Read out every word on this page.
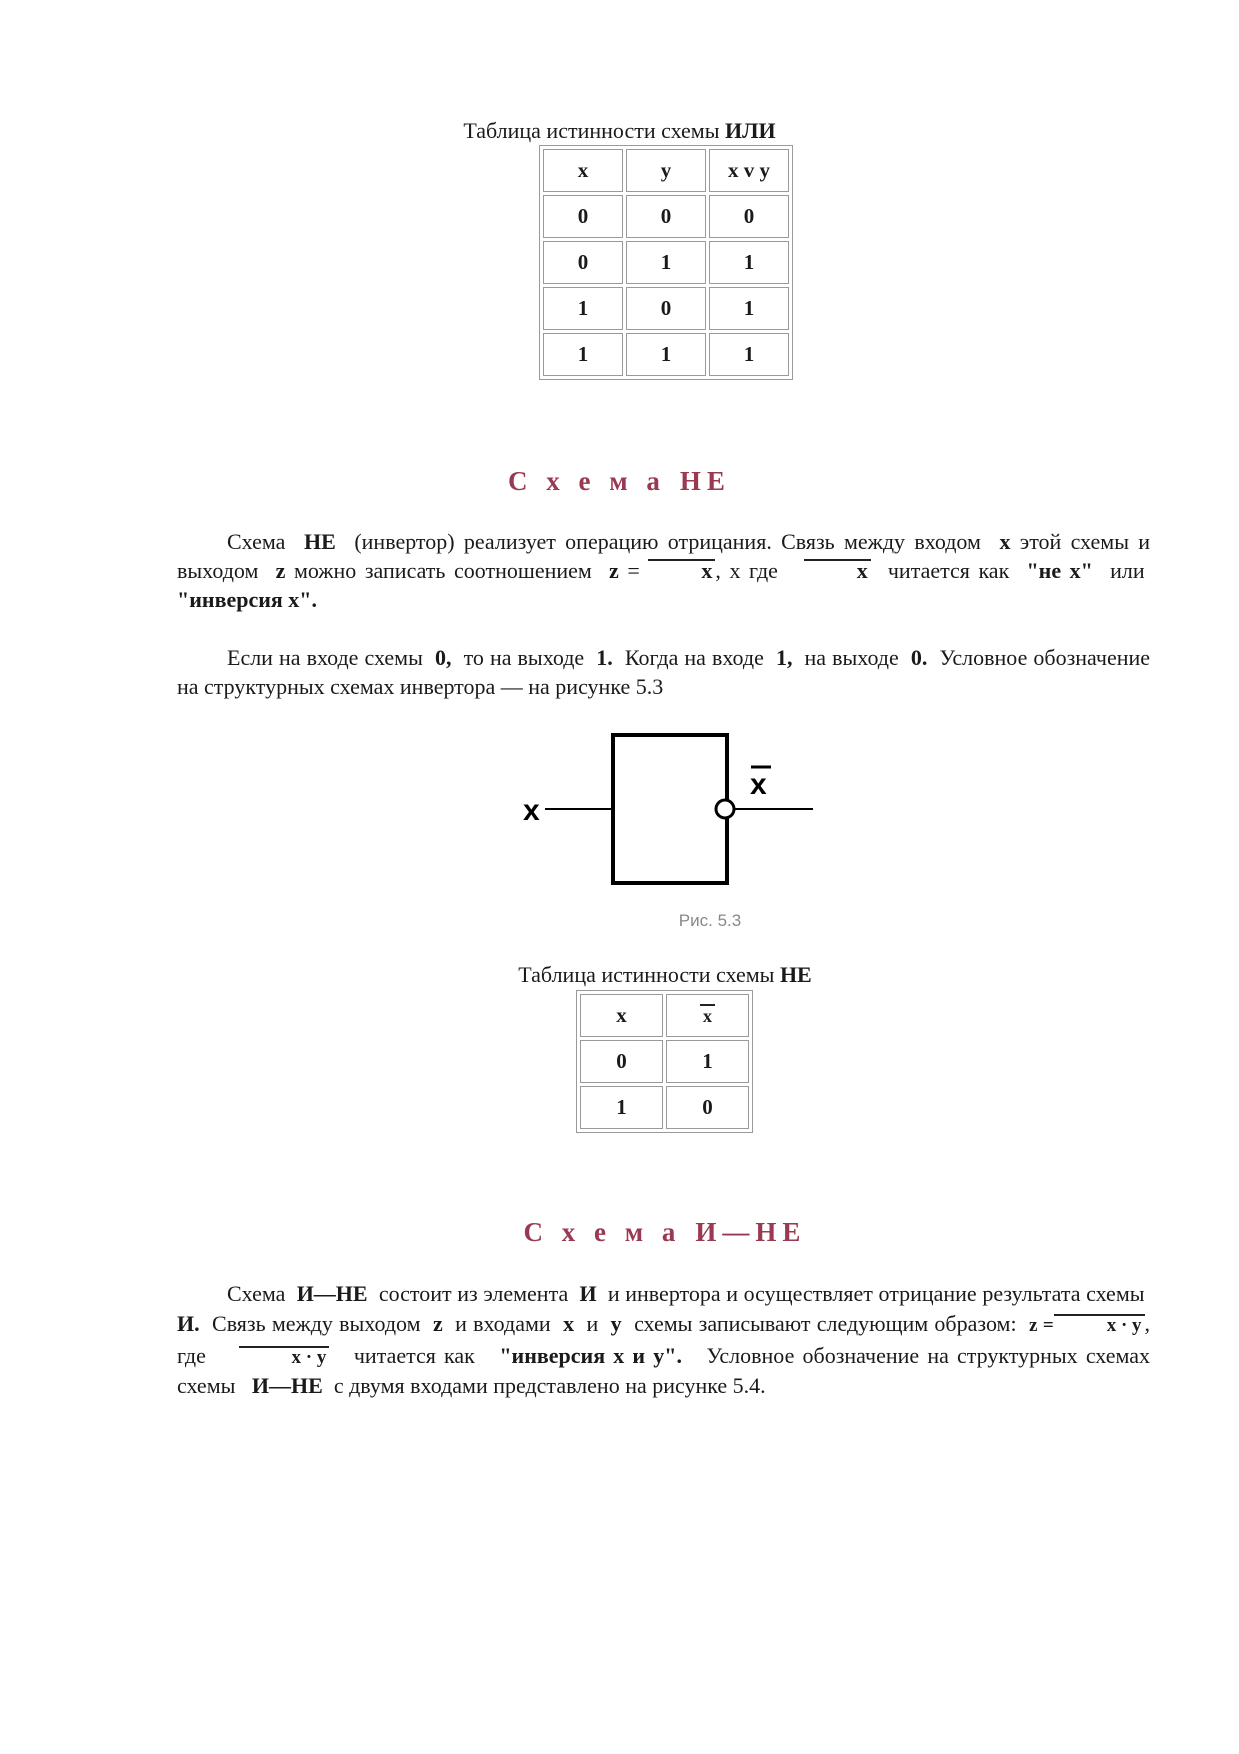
Таблица истинности схемы ИЛИ
x	y	x v y
0	0	0
0	1	1
1	0	1
1	1	1
С х е м а НЕ
Схема НЕ (инвертор) реализует операцию отрицания. Связь между входом x этой схемы и выходом z можно записать соотношением z =	x , x где	x читается как "не x" или  "инверсия x".
Если на входе схемы 0, то на выходе 1. Когда на входе 1, на выходе 0. Условное обозначение на структурных схемах инвертора — на рисунке 5.3
x
x
Рис. 5.3
Таблица истинности схемы НЕ
x	x
0	1
1	0
С х е м а И—НЕ
Схема И—НЕ состоит из элемента И и инвертора и осуществляет отрицание результата схемы  И. Связь между выходом z и входами x и y схемы записывают следующим образом: z =	x · y , где	x · y читается как "инверсия x и y". Условное обозначение на структурных схемах схемы И—НЕ с двумя входами представлено на рисунке 5.4.
